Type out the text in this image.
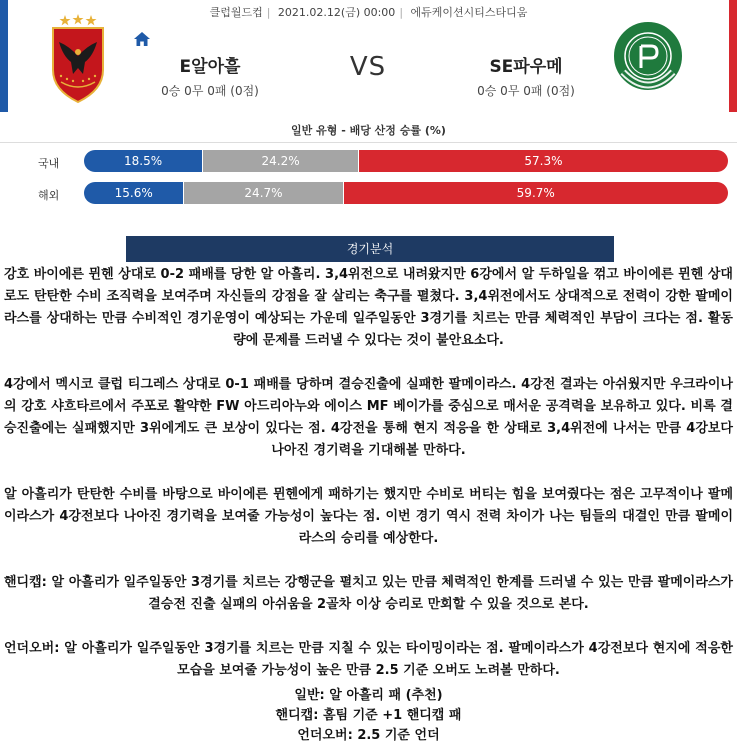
클럽월드컵 | 2021.02.12(금) 00:00 | 에듀케이션시티스타디움
E알아흘
0승 0무 0패 (0점)
VS	SE파우메
0승 0무 0패 (0점)
일반 유형 - 배당 산정 승률 (%)
국내	18.5%	24.2%	57.3%
해외	15.6%	24.7%	59.7%
경기분석

강호 바이에른 뮌헨 상대로 0-2 패배를 당한 알 아흘리. 3,4위전으로 내려왔지만 6강에서 알 두하일을 꺾고 바이에른 뮌헨 상대로도 탄탄한 수비 조직력을 보여주며 자신들의 강점을 잘 살리는 축구를 펼쳤다. 3,4위전에서도 상대적으로 전력이 강한 팔메이라스를 상대하는 만큼 수비적인 경기운영이 예상되는 가운데 일주일동안 3경기를 치르는 만큼 체력적인 부담이 크다는 점. 활동량에 문제를 드러낼 수 있다는 것이 불안요소다.

4강에서 멕시코 클럽 티그레스 상대로 0-1 패배를 당하며 결승진출에 실패한 팔메이라스. 4강전 결과는 아쉬웠지만 우크라이나의 강호 샤흐타르에서 주포로 활약한 FW 아드리아누와 에이스 MF 베이가를 중심으로 매서운 공격력을 보유하고 있다. 비록 결승진출에는 실패했지만 3위에게도 큰 보상이 있다는 점. 4강전을 통해 현지 적응을 한 상태로 3,4위전에 나서는 만큼 4강보다 나아진 경기력을 기대해볼 만하다.

알 아흘리가 탄탄한 수비를 바탕으로 바이에른 뮌헨에게 패하기는 했지만 수비로 버티는 힘을 보여줬다는 점은 고무적이나 팔메이라스가 4강전보다 나아진 경기력을 보여줄 가능성이 높다는 점. 이번 경기 역시 전력 차이가 나는 팀들의 대결인 만큼 팔메이라스의 승리를 예상한다.

핸디캡: 알 아흘리가 일주일동안 3경기를 치르는 강행군을 펼치고 있는 만큼 체력적인 한계를 드러낼 수 있는 만큼 팔메이라스가 결승전 진출 실패의 아쉬움을 2골차 이상 승리로 만회할 수 있을 것으로 본다.

언더오버: 알 아흘리가 일주일동안 3경기를 치르는 만큼 지칠 수 있는 타이밍이라는 점. 팔메이라스가 4강전보다 현지에 적응한 모습을 보여줄 가능성이 높은 만큼 2.5 기준 오버도 노려볼 만하다.

일반: 알 아흘리 패 (추천)
핸디캡: 홈팀 기준 +1 핸디캡 패
언더오버: 2.5 기준 언더
